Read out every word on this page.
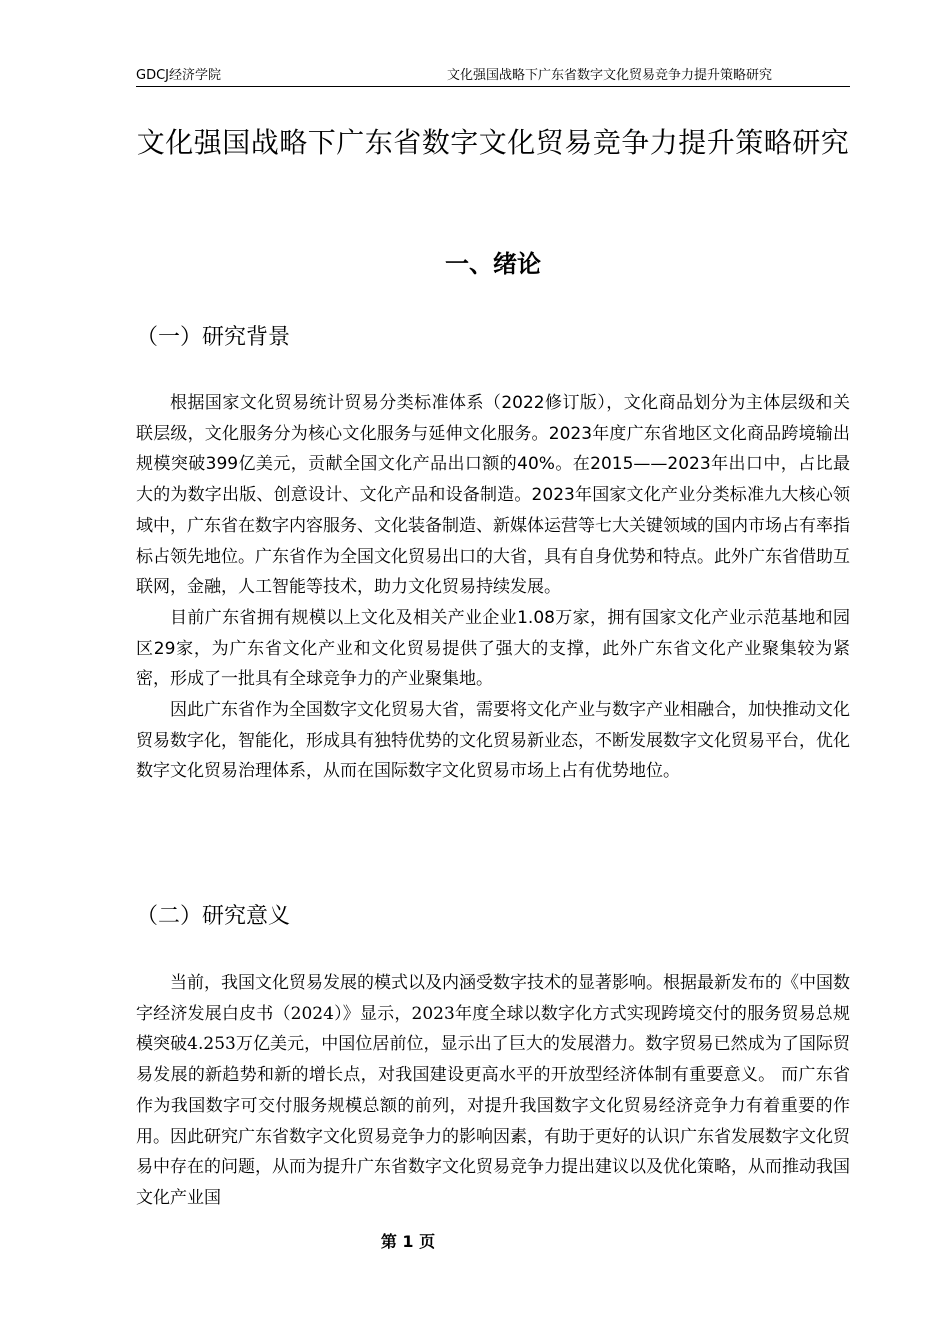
GDCJ经济学院	文化强国战略下广东省数字文化贸易竞争力提升策略研究
文化强国战略下广东省数字文化贸易竞争力提升策略研究
一、绪论
（一）研究背景

根据国家文化贸易统计贸易分类标准体系（2022修订版），文化商品划分为主体层级和关联层级，文化服务分为核心文化服务与延伸文化服务。2023年度广东省地区文化商品跨境输出规模突破399亿美元，贡献全国文化产品出口额的40%。在2015——2023年出口中，占比最大的为数字出版、创意设计、文化产品和设备制造。2023年国家文化产业分类标准九大核心领域中，广东省在数字内容服务、文化装备制造、新媒体运营等七大关键领域的国内市场占有率指标占领先地位。广东省作为全国文化贸易出口的大省，具有自身优势和特点。此外广东省借助互联网，金融，人工智能等技术，助力文化贸易持续发展。

目前广东省拥有规模以上文化及相关产业企业1.08万家，拥有国家文化产业示范基地和园区29家，为广东省文化产业和文化贸易提供了强大的支撑，此外广东省文化产业聚集较为紧密，形成了一批具有全球竞争力的产业聚集地。

因此广东省作为全国数字文化贸易大省，需要将文化产业与数字产业相融合，加快推动文化贸易数字化，智能化，形成具有独特优势的文化贸易新业态，不断发展数字文化贸易平台，优化数字文化贸易治理体系，从而在国际数字文化贸易市场上占有优势地位。

（二）研究意义

当前，我国文化贸易发展的模式以及内涵受数字技术的显著影响。根据最新发布的《中国数字经济发展白皮书（2024）》显示，2023年度全球以数字化方式实现跨境交付的服务贸易总规模突破4.253万亿美元，中国位居前位，显示出了巨大的发展潜力。数字贸易已然成为了国际贸易发展的新趋势和新的增长点，对我国建设更高水平的开放型经济体制有重要意义。 而广东省作为我国数字可交付服务规模总额的前列，对提升我国数字文化贸易经济竞争力有着重要的作用。因此研究广东省数字文化贸易竞争力的影响因素，有助于更好的认识广东省发展数字文化贸易中存在的问题，从而为提升广东省数字文化贸易竞争力提出建议以及优化策略，从而推动我国文化产业国

第 1 页
